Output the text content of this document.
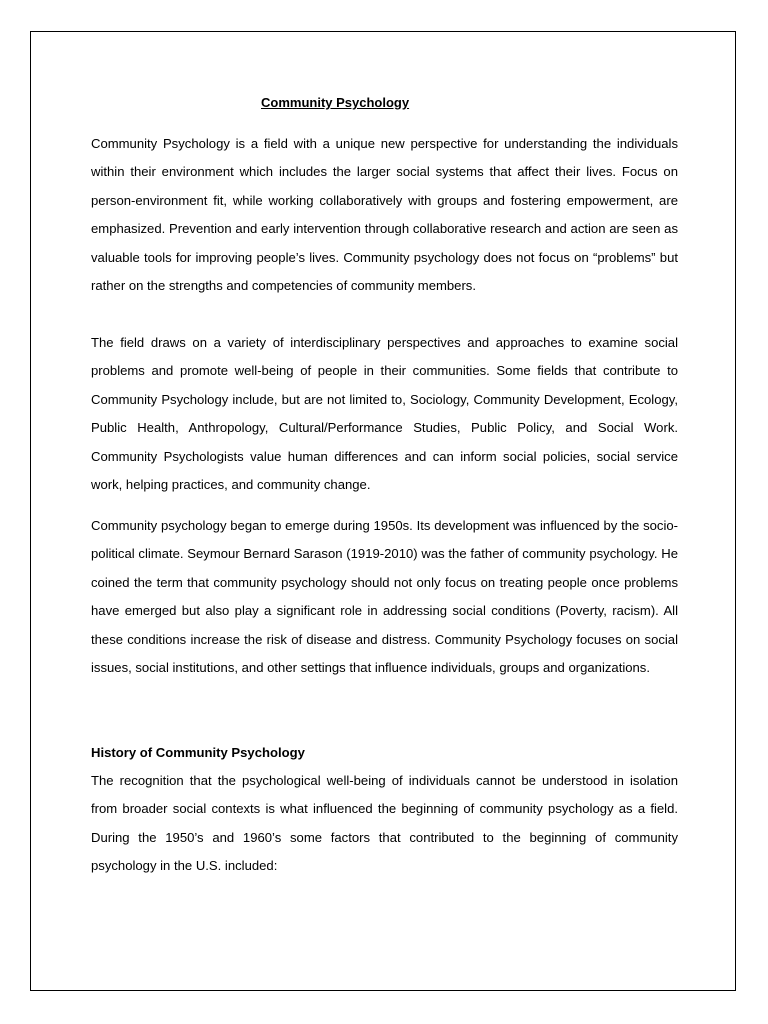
Community Psychology

Community Psychology is a field with a unique new perspective for understanding the individuals within their environment which includes the larger social systems that affect their lives. Focus on person-environment fit, while working collaboratively with groups and fostering empowerment, are emphasized. Prevention and early intervention through collaborative research and action are seen as valuable tools for improving people’s lives. Community psychology does not focus on “problems” but rather on the strengths and competencies of community members.

The field draws on a variety of interdisciplinary perspectives and approaches to examine social problems and promote well-being of people in their communities. Some fields that contribute to Community Psychology include, but are not limited to, Sociology, Community Development, Ecology, Public Health, Anthropology, Cultural/Performance Studies, Public Policy, and Social Work. Community Psychologists value human differences and can inform social policies, social service work, helping practices, and community change.

Community psychology began to emerge during 1950s. Its development was influenced by the socio-political climate. Seymour Bernard Sarason (1919-2010) was the father of community psychology. He coined the term that community psychology should not only focus on treating people once problems have emerged but also play a significant role in addressing social conditions (Poverty, racism). All these conditions increase the risk of disease and distress. Community Psychology focuses on social issues, social institutions, and other settings that influence individuals, groups and organizations.

History of Community Psychology

The recognition that the psychological well-being of individuals cannot be understood in isolation from broader social contexts is what influenced the beginning of community psychology as a field. During the 1950’s and 1960’s some factors that contributed to the beginning of community psychology in the U.S. included:
